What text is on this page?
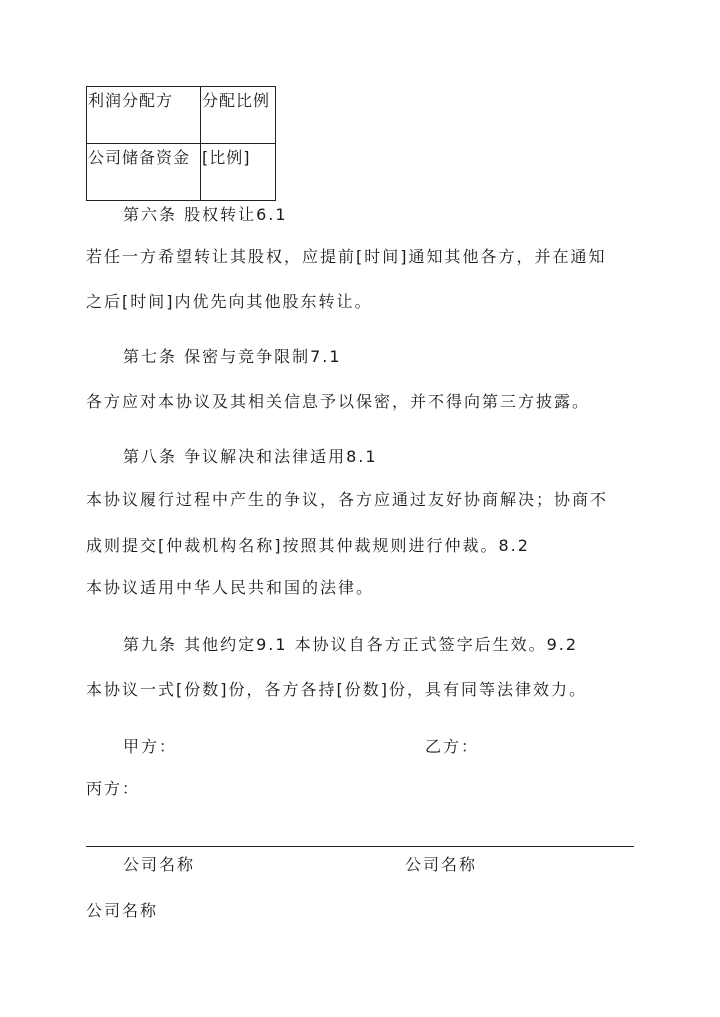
利润分配方	分配比例
公司储备资金	[比例]
第六条 股权转让6.1
若任一方希望转让其股权，应提前[时间]通知其他各方，并在通知
之后[时间]内优先向其他股东转让。
第七条 保密与竞争限制7.1
各方应对本协议及其相关信息予以保密，并不得向第三方披露。
第八条 争议解决和法律适用8.1
本协议履行过程中产生的争议，各方应通过友好协商解决；协商不
成则提交[仲裁机构名称]按照其仲裁规则进行仲裁。8.2
本协议适用中华人民共和国的法律。
第九条 其他约定9.1 本协议自各方正式签字后生效。9.2
本协议一式[份数]份，各方各持[份数]份，具有同等法律效力。
甲方：	乙方：
丙方：
公司名称	公司名称
公司名称
